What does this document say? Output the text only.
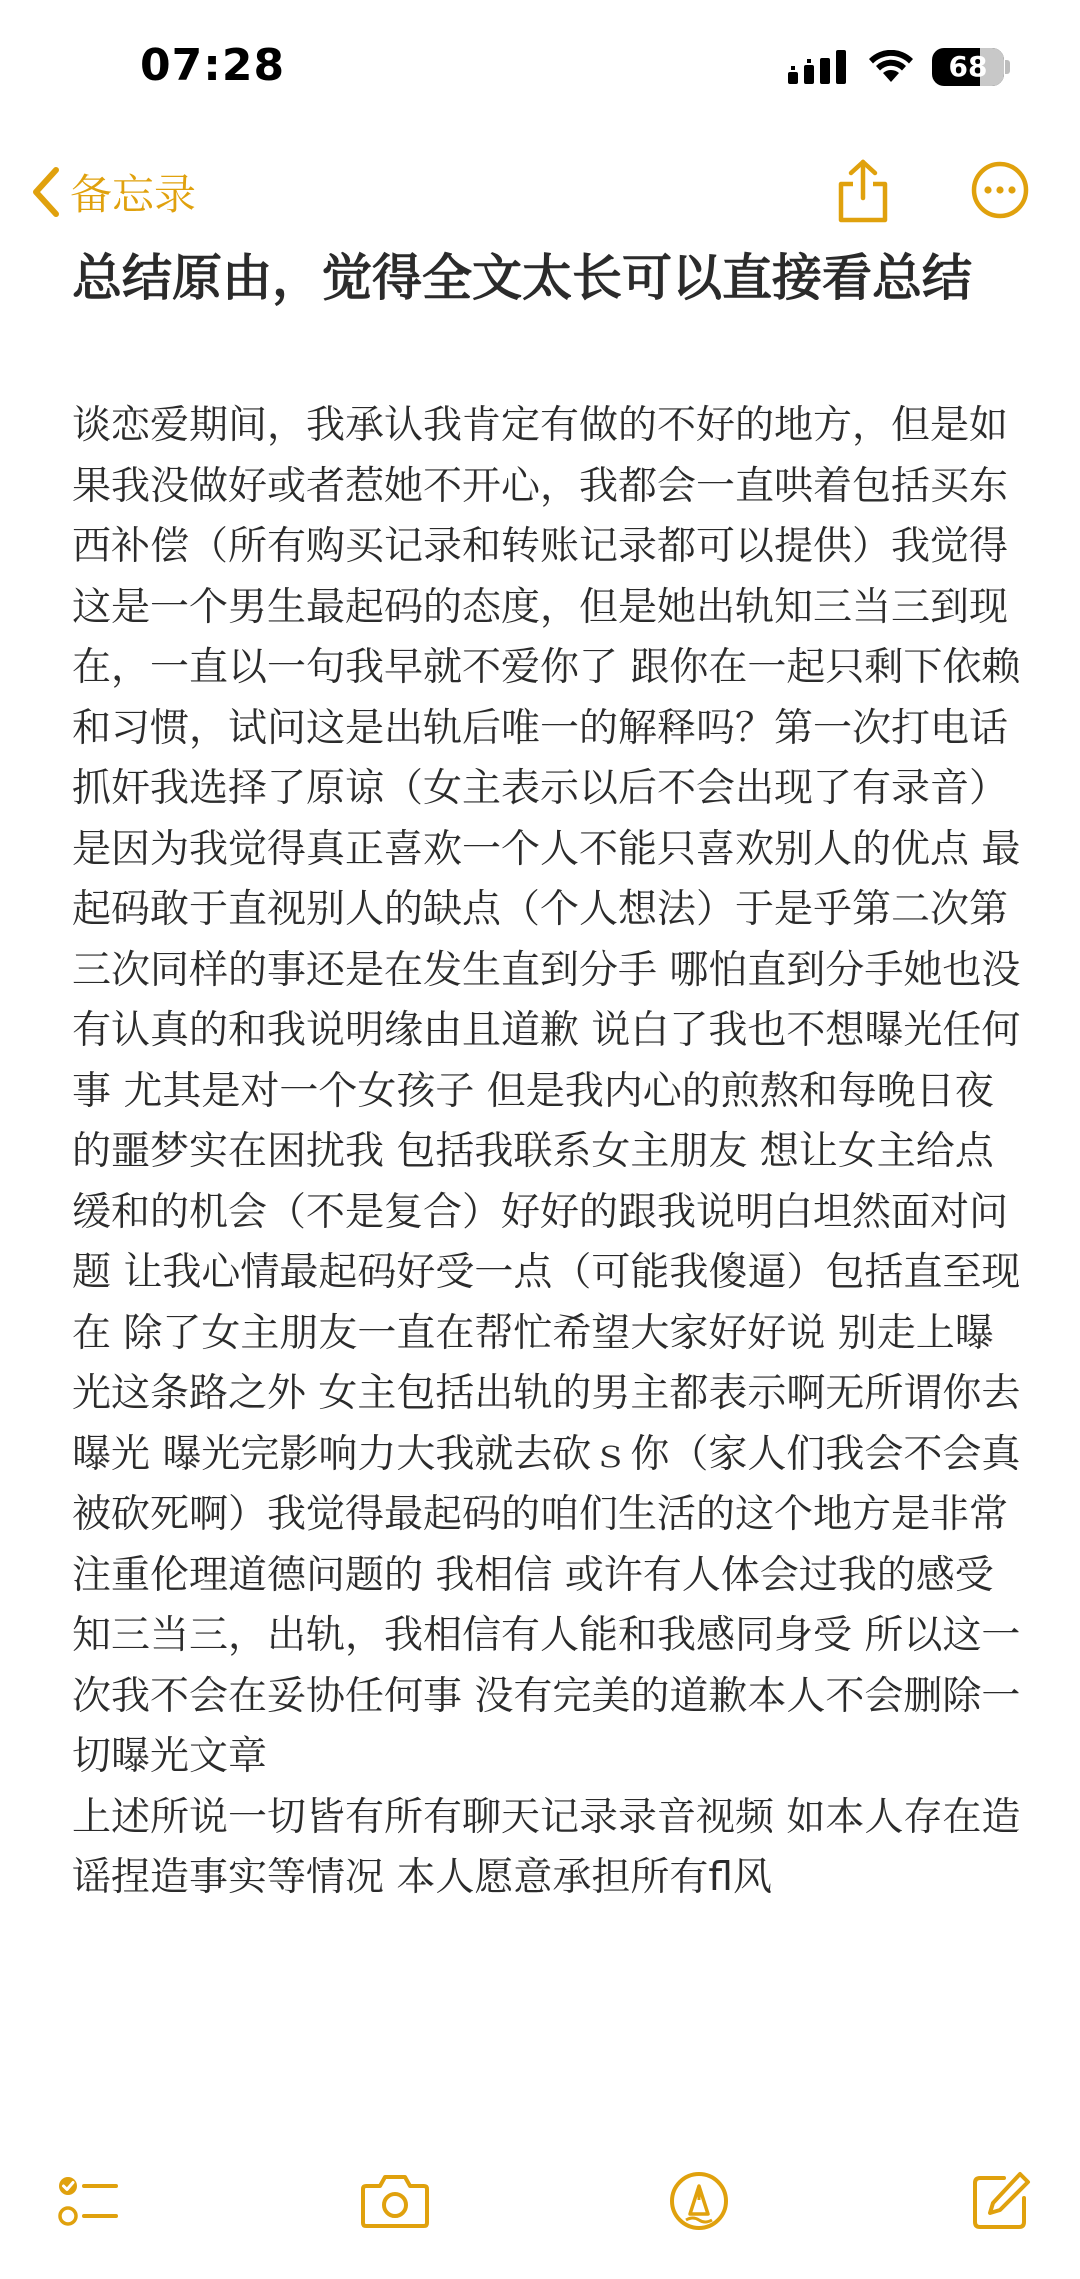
07:28	68
备忘录
总结原由，觉得全文太长可以直接看总结
谈恋爱期间，我承认我肯定有做的不好的地方，但是如果我没做好或者惹她不开心，我都会一直哄着包括买东西补偿（所有购买记录和转账记录都可以提供）我觉得这是一个男生最起码的态度，但是她出轨知三当三到现在，一直以一句我早就不爱你了 跟你在一起只剩下依赖和习惯，试问这是出轨后唯一的解释吗？第一次打电话抓奸我选择了原谅（女主表示以后不会出现了有录音）是因为我觉得真正喜欢一个人不能只喜欢别人的优点 最起码敢于直视别人的缺点（个人想法）于是乎第二次第三次同样的事还是在发生直到分手 哪怕直到分手她也没有认真的和我说明缘由且道歉 说白了我也不想曝光任何事 尤其是对一个女孩子 但是我内心的煎熬和每晚日夜的噩梦实在困扰我 包括我联系女主朋友 想让女主给点缓和的机会（不是复合）好好的跟我说明白坦然面对问题 让我心情最起码好受一点（可能我傻逼）包括直至现在 除了女主朋友一直在帮忙希望大家好好说 别走上曝光这条路之外 女主包括出轨的男主都表示啊无所谓你去曝光 曝光完影响力大我就去砍ｓ你（家人们我会不会真被砍死啊）我觉得最起码的咱们生活的这个地方是非常注重伦理道德问题的 我相信 或许有人体会过我的感受 知三当三，出轨，我相信有人能和我感同身受 所以这一次我不会在妥协任何事 没有完美的道歉本人不会删除一切曝光文章
上述所说一切皆有所有聊天记录录音视频 如本人存在造谣捏造事实等情况 本人愿意承担所有fl风
